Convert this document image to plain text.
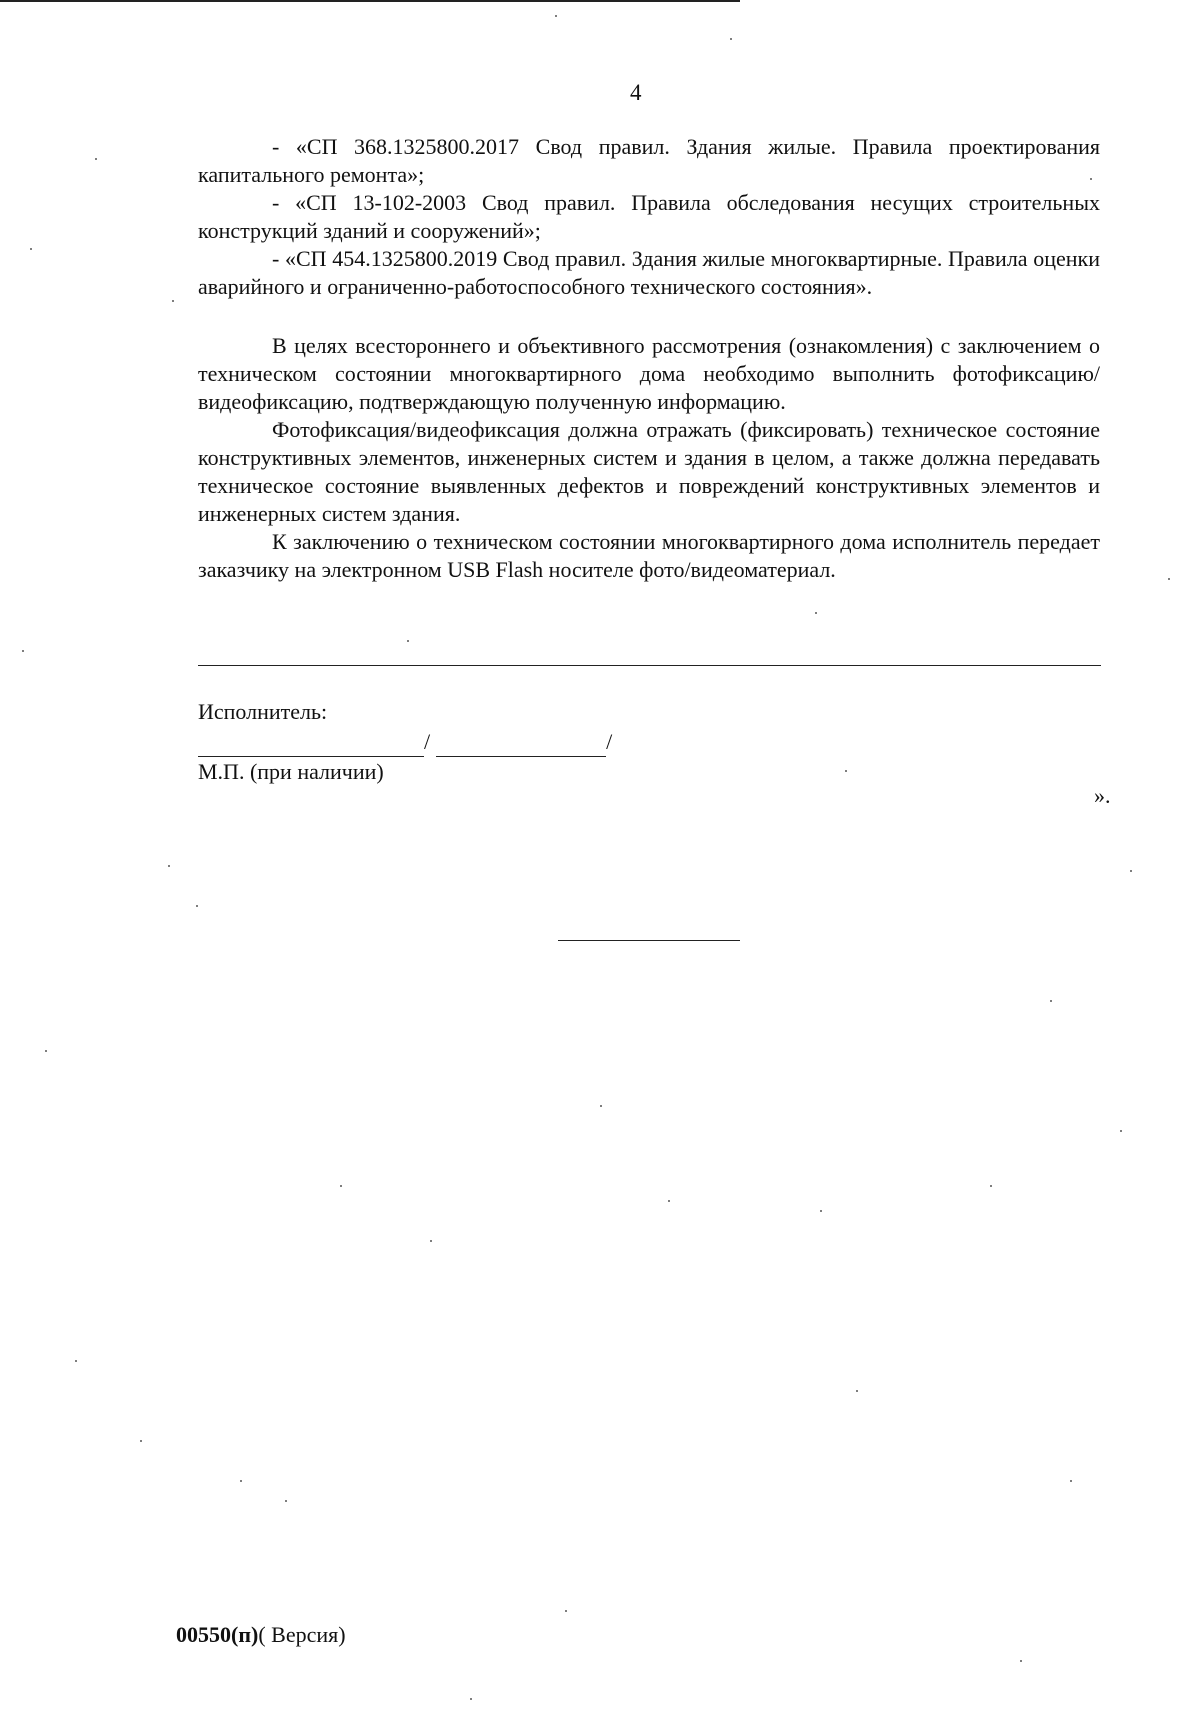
4

- «СП 368.1325800.2017 Свод правил. Здания жилые. Правила проектирования капитального ремонта»;

- «СП 13-102-2003 Свод правил. Правила обследования несущих строительных конструкций зданий и сооружений»;

- «СП 454.1325800.2019 Свод правил. Здания жилые многоквартирные. Правила оценки аварийного и ограниченно-работоспособного технического состояния».

В целях всестороннего и объективного рассмотрения (ознакомления) с заключением о техническом состоянии многоквартирного дома необходимо выполнить фотофиксацию/видеофиксацию, подтверждающую полученную информацию.

Фотофиксация/видеофиксация должна отражать (фиксировать) техническое состояние конструктивных элементов, инженерных систем и здания в целом, а также должна передавать техническое состояние выявленных дефектов и повреждений конструктивных элементов и инженерных систем здания.

К заключению о техническом состоянии многоквартирного дома исполнитель передает заказчику на электронном USB Flash носителе фото/видеоматериал.

Исполнитель:
/	/
М.П. (при наличии)
».
00550(п)( Версия)
